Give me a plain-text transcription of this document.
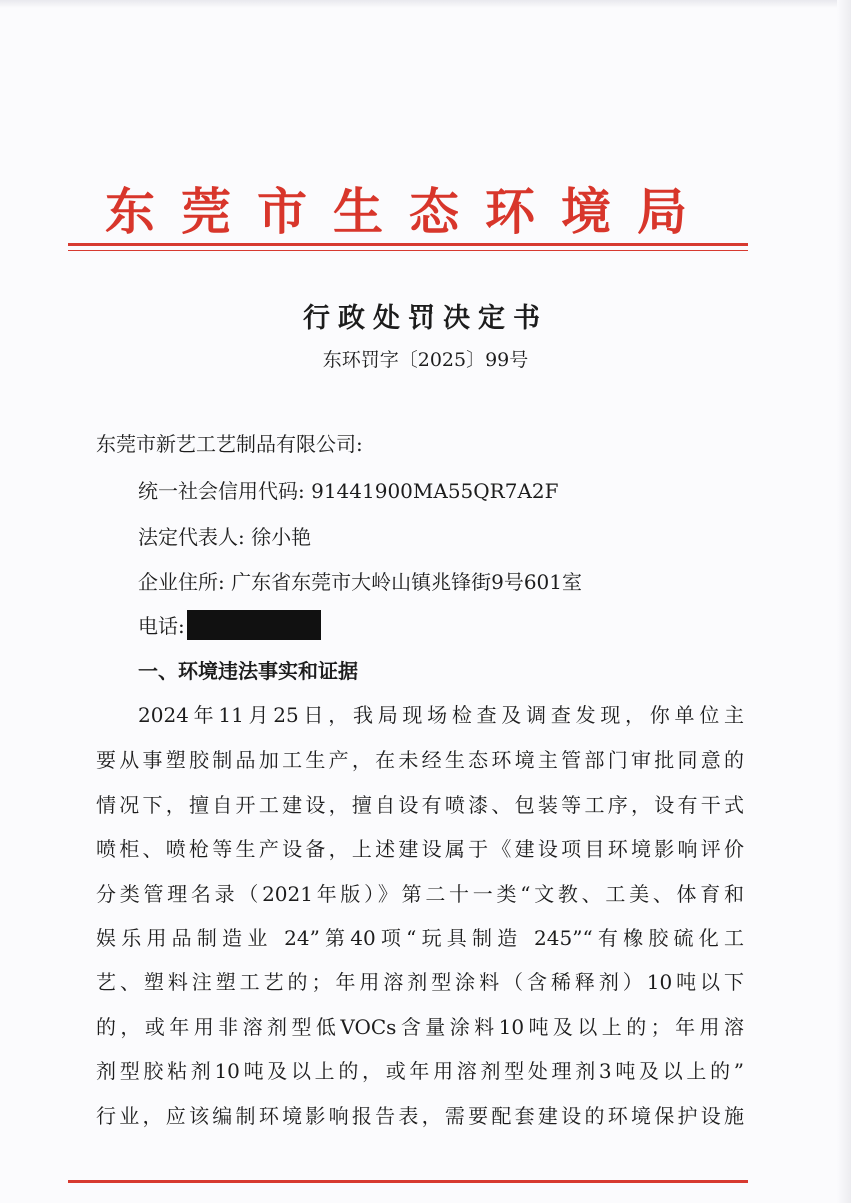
东莞市生态环境局
行政处罚决定书
东环罚字〔2025〕99号
东莞市新艺工艺制品有限公司:
统一社会信用代码: 91441900MA55QR7A2F
法定代表人: 徐小艳
企业住所: 广东省东莞市大岭山镇兆锋街9号601室
电话:
一、环境违法事实和证据
2024年11月25日，我局现场检查及调查发现，你单位主
要从事塑胶制品加工生产，在未经生态环境主管部门审批同意的
情况下，擅自开工建设，擅自设有喷漆、包装等工序，设有干式
喷柜、喷枪等生产设备，上述建设属于《建设项目环境影响评价
分类管理名录（2021年版）》第二十一类“文教、工美、体育和
娱乐用品制造业 24”第40项“玩具制造 245”“有橡胶硫化工
艺、塑料注塑工艺的；年用溶剂型涂料（含稀释剂）10吨以下
的，或年用非溶剂型低VOCs含量涂料10吨及以上的；年用溶
剂型胶粘剂10吨及以上的，或年用溶剂型处理剂3吨及以上的”
行业，应该编制环境影响报告表，需要配套建设的环境保护设施
